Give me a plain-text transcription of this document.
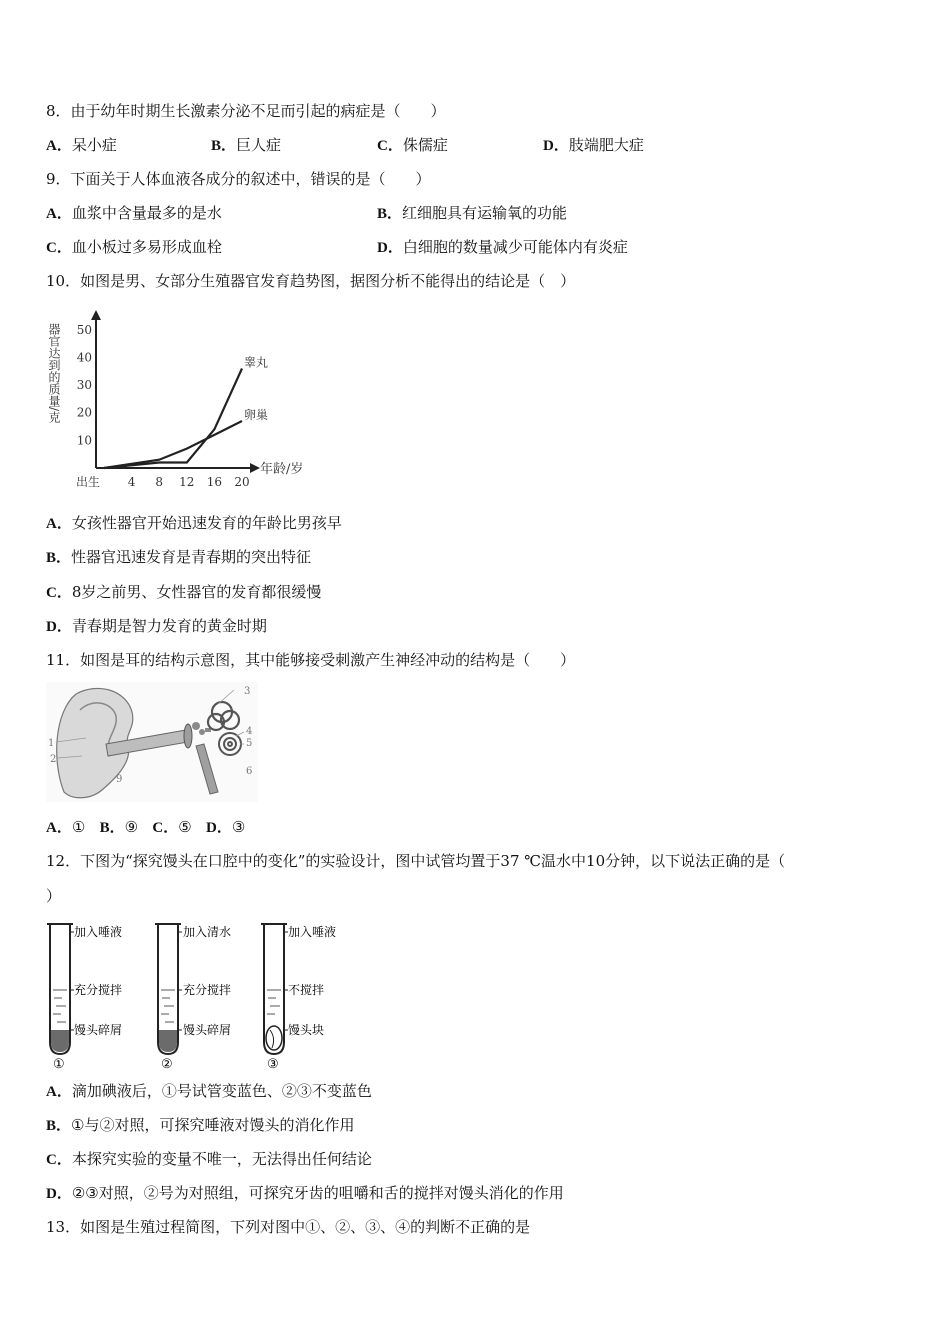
8．由于幼年时期生长激素分泌不足而引起的病症是（　　）
A．呆小症	B．巨人症	C．侏儒症	D．肢端肥大症
9．下面关于人体血液各成分的叙述中，错误的是（　　）
A．血浆中含量最多的是水	B．红细胞具有运输氧的功能
C．血小板过多易形成血栓	D．白细胞的数量减少可能体内有炎症
10．如图是男、女部分生殖器官发育趋势图，据图分析不能得出的结论是（　）
器官达到的质量/克
年龄/岁
10
20
30
40
50
出生 4 8 12 16 20
睾丸
卵巢
A．女孩性器官开始迅速发育的年龄比男孩早
B．性器官迅速发育是青春期的突出特征
C．8岁之前男、女性器官的发育都很缓慢
D．青春期是智力发育的黄金时期
11．如图是耳的结构示意图，其中能够接受刺激产生神经冲动的结构是（　　）
3
4
5
6
1
2
9
A．① B．⑨ C．⑤ D．③
12．下图为“探究馒头在口腔中的变化”的实验设计，图中试管均置于37 ℃温水中10分钟，以下说法正确的是（
）
加入唾液
充分搅拌
馒头碎屑
①
加入清水
充分搅拌
馒头碎屑
②
加入唾液
不搅拌
馒头块
③
A．滴加碘液后，①号试管变蓝色、②③不变蓝色
B．①与②对照，可探究唾液对馒头的消化作用
C．本探究实验的变量不唯一，无法得出任何结论
D．②③对照，②号为对照组，可探究牙齿的咀嚼和舌的搅拌对馒头消化的作用
13．如图是生殖过程简图，下列对图中①、②、③、④的判断不正确的是
